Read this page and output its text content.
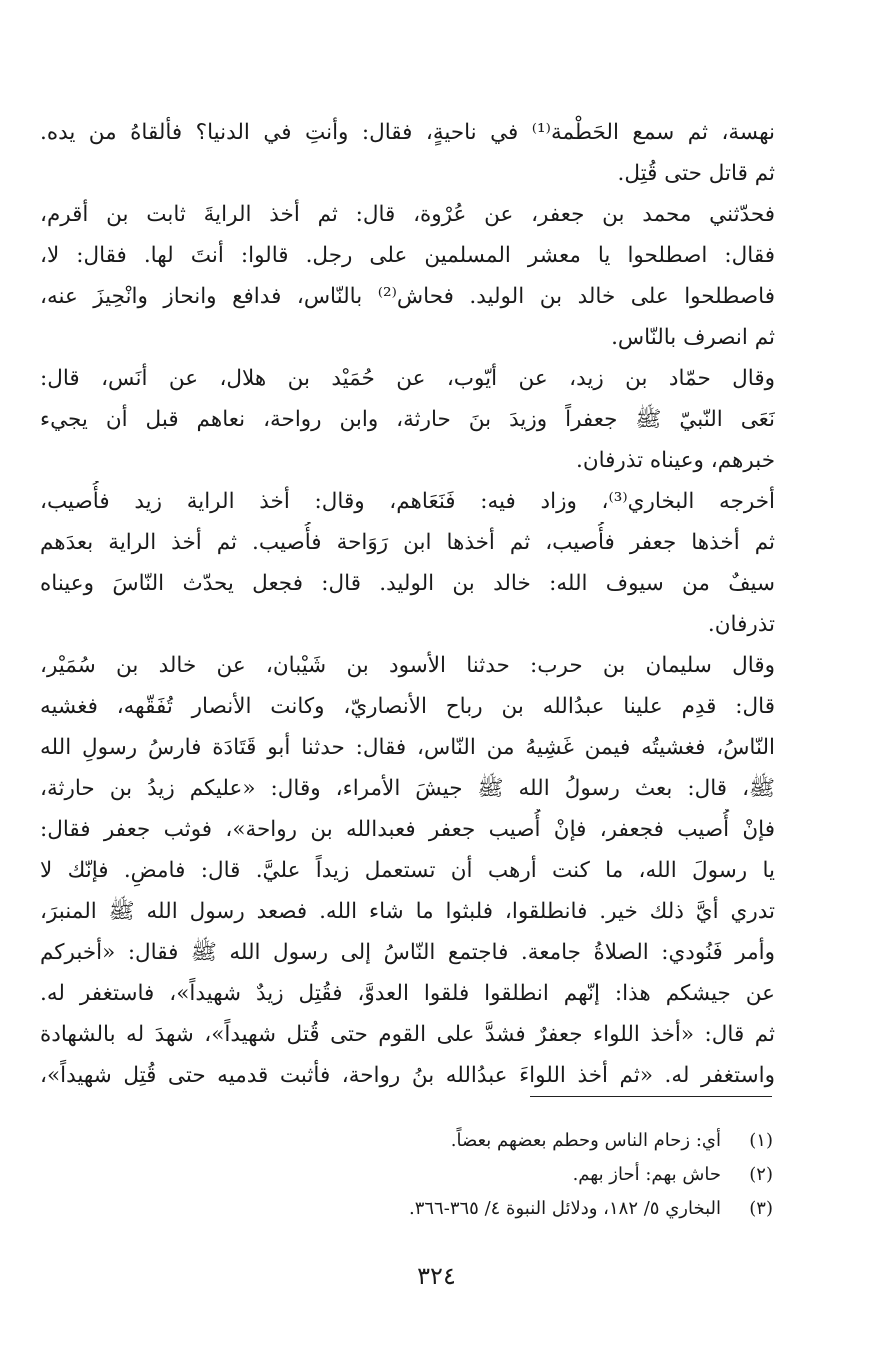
نهسة، ثم سمع الحَطْمة⁽¹⁾ في ناحيةٍ، فقال: وأنتِ في الدنيا؟ فألقاهُ من يده.
ثم قاتل حتى قُتِل.
فحدّثني محمد بن جعفر، عن عُرْوة، قال: ثم أخذ الرايةَ ثابت بن أقرم،
فقال: اصطلحوا يا معشر المسلمين على رجل. قالوا: أنتَ لها. فقال: لا،
فاصطلحوا على خالد بن الوليد. فحاش⁽²⁾ بالنّاس، فدافع وانحاز وانْحِيزَ عنه،
ثم انصرف بالنّاس.
وقال حمّاد بن زيد، عن أيّوب، عن حُمَيْد بن هلال، عن أنَس، قال:
نَعَى النّبيّ ﷺ جعفراً وزيدَ بنَ حارثة، وابن رواحة، نعاهم قبل أن يجيء
خبرهم، وعيناه تذرفان.
أخرجه البخاري⁽³⁾، وزاد فيه: فَنَعَاهم، وقال: أخذ الراية زيد فأُصيب،
ثم أخذها جعفر فأُصيب، ثم أخذها ابن رَوَاحة فأُصيب. ثم أخذ الراية بعدَهم
سيفٌ من سيوف الله: خالد بن الوليد. قال: فجعل يحدّث النّاسَ وعيناه
تذرفان.
وقال سليمان بن حرب: حدثنا الأسود بن شَيْبان، عن خالد بن سُمَيْر،
قال: قدِم علينا عبدُالله بن رباح الأنصاريّ، وكانت الأنصار تُفَقّهه، فغشيه
النّاسُ، فغشيتُه فيمن غَشِيهُ من النّاس، فقال: حدثنا أبو قَتَادَة فارسُ رسولِ الله
ﷺ، قال: بعث رسولُ الله ﷺ جيشَ الأمراء، وقال: «عليكم زيدُ بن حارثة،
فإنْ أُصيب فجعفر، فإنْ أُصيب جعفر فعبدالله بن رواحة»، فوثب جعفر فقال:
يا رسولَ الله، ما كنت أرهب أن تستعمل زيداً عليَّ. قال: فامضِ. فإنّك لا
تدري أيَّ ذلك خير. فانطلقوا، فلبثوا ما شاء الله. فصعد رسول الله ﷺ المنبرَ،
وأمر فَنُودي: الصلاةُ جامعة. فاجتمع النّاسُ إلى رسول الله ﷺ فقال: «أخبركم
عن جيشكم هذا: إنّهم انطلقوا فلقوا العدوَّ، فقُتِل زيدٌ شهيداً»، فاستغفر له.
ثم قال: «أخذ اللواء جعفرٌ فشدَّ على القوم حتى قُتل شهيداً»، شهدَ له بالشهادة
واستغفر له. «ثم أخذ اللواءَ عبدُالله بنُ رواحة، فأثبت قدميه حتى قُتِل شهيداً»،
(١)
أي: زحام الناس وحطم بعضهم بعضاً.
(٢)
حاش بهم: أحاز بهم.
(٣)
البخاري ٥/ ١٨٢، ودلائل النبوة ٤/ ٣٦٥-٣٦٦.
٣٢٤
